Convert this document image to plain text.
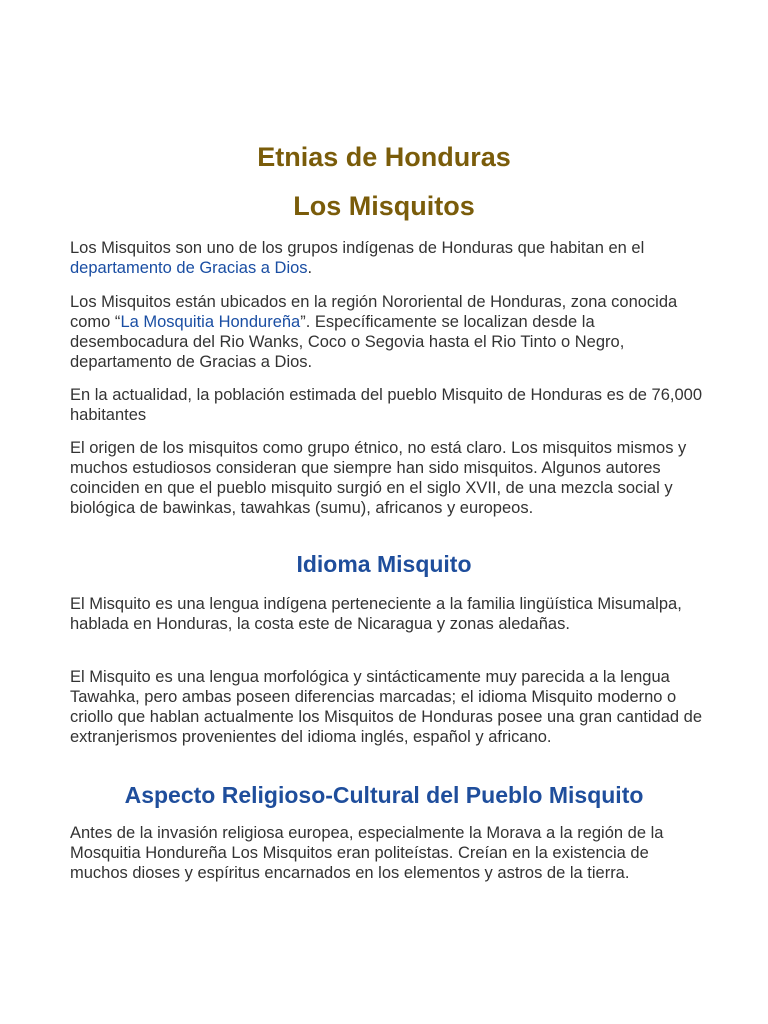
Etnias de Honduras
Los Misquitos

Los Misquitos son uno de los grupos indígenas de Honduras que habitan en el departamento de Gracias a Dios.

Los Misquitos están ubicados en la región Nororiental de Honduras, zona conocida como “La Mosquitia Hondureña”. Específicamente se localizan desde la desembocadura del Rio Wanks, Coco o Segovia hasta el Rio Tinto o Negro, departamento de Gracias a Dios.

En la actualidad, la población estimada del pueblo Misquito de Honduras es de 76,000 habitantes

El origen de los misquitos como grupo étnico, no está claro. Los misquitos mismos y muchos estudiosos consideran que siempre han sido misquitos. Algunos autores coinciden en que el pueblo misquito surgió en el siglo XVII, de una mezcla social y biológica de bawinkas, tawahkas (sumu), africanos y europeos.

Idioma Misquito

El Misquito es una lengua indígena perteneciente a la familia lingüística Misumalpa, hablada en Honduras, la costa este de Nicaragua y zonas aledañas.

El Misquito es una lengua morfológica y sintácticamente muy parecida a la lengua Tawahka, pero ambas poseen diferencias marcadas; el idioma Misquito moderno o criollo que hablan actualmente los Misquitos de Honduras posee una gran cantidad de extranjerismos provenientes del idioma inglés, español y africano.

Aspecto Religioso-Cultural del Pueblo Misquito

Antes de la invasión religiosa europea, especialmente la Morava a la región de la Mosquitia Hondureña Los Misquitos eran politeístas. Creían en la existencia de muchos dioses y espíritus encarnados en los elementos y astros de la tierra.
